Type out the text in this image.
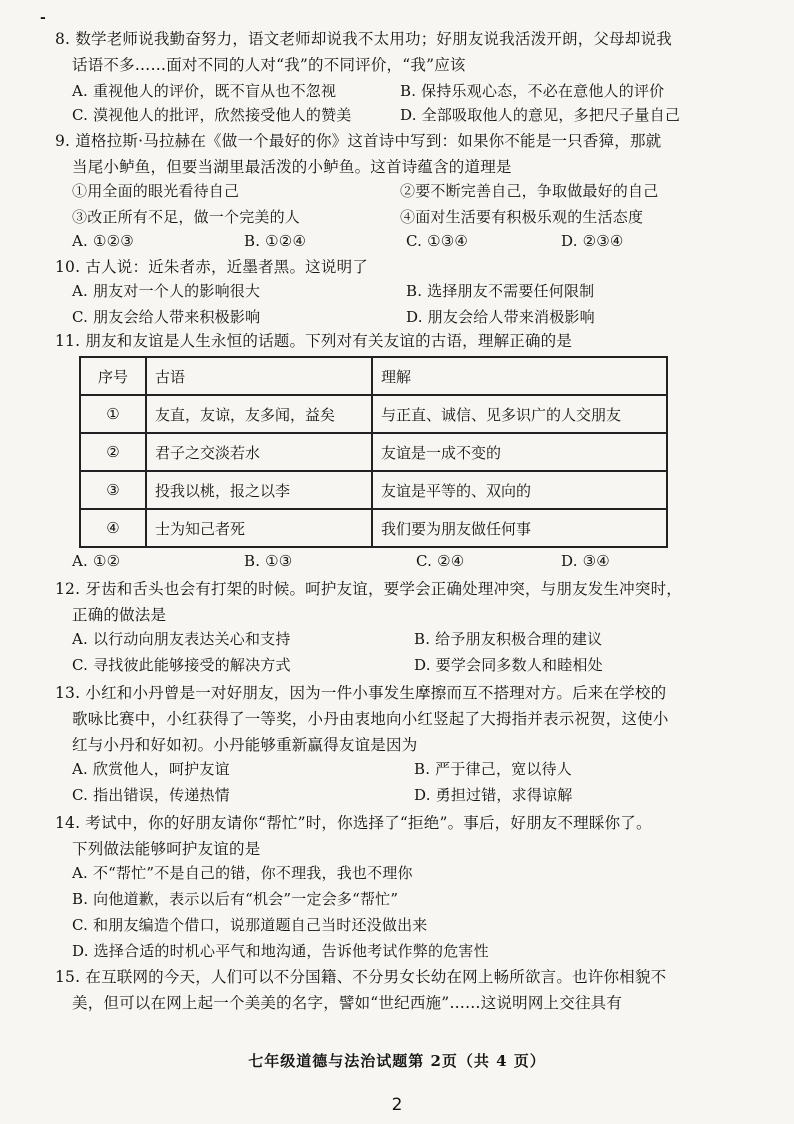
-
8. 数学老师说我勤奋努力，语文老师却说我不太用功；好朋友说我活泼开朗，父母却说我
话语不多……面对不同的人对“我”的不同评价，“我”应该
A. 重视他人的评价，既不盲从也不忽视	B. 保持乐观心态，不必在意他人的评价
C. 漠视他人的批评，欣然接受他人的赞美	D. 全部吸取他人的意见，多把尺子量自己
9. 道格拉斯·马拉赫在《做一个最好的你》这首诗中写到：如果你不能是一只香獐，那就
当尾小鲈鱼，但要当湖里最活泼的小鲈鱼。这首诗蕴含的道理是
①用全面的眼光看待自己	②要不断完善自己，争取做最好的自己
③改正所有不足，做一个完美的人	④面对生活要有积极乐观的生活态度
A. ①②③	B. ①②④	C. ①③④	D. ②③④
10. 古人说：近朱者赤，近墨者黑。这说明了
A. 朋友对一个人的影响很大	B. 选择朋友不需要任何限制
C. 朋友会给人带来积极影响	D. 朋友会给人带来消极影响
11. 朋友和友谊是人生永恒的话题。下列对有关友谊的古语，理解正确的是
序号	古语	理解
①	友直，友谅，友多闻，益矣	与正直、诚信、见多识广的人交朋友
②	君子之交淡若水	友谊是一成不变的
③	投我以桃，报之以李	友谊是平等的、双向的
④	士为知己者死	我们要为朋友做任何事
A. ①②	B. ①③	C. ②④	D. ③④
12. 牙齿和舌头也会有打架的时候。呵护友谊，要学会正确处理冲突，与朋友发生冲突时，
正确的做法是
A. 以行动向朋友表达关心和支持	B. 给予朋友积极合理的建议
C. 寻找彼此能够接受的解决方式	D. 要学会同多数人和睦相处
13. 小红和小丹曾是一对好朋友，因为一件小事发生摩擦而互不搭理对方。后来在学校的
歌咏比赛中，小红获得了一等奖，小丹由衷地向小红竖起了大拇指并表示祝贺，这使小
红与小丹和好如初。小丹能够重新赢得友谊是因为
A. 欣赏他人，呵护友谊	B. 严于律己，宽以待人
C. 指出错误，传递热情	D. 勇担过错，求得谅解
14. 考试中，你的好朋友请你“帮忙”时，你选择了“拒绝”。事后，好朋友不理睬你了。
下列做法能够呵护友谊的是
A. 不“帮忙”不是自己的错，你不理我，我也不理你
B. 向他道歉，表示以后有“机会”一定会多“帮忙”
C. 和朋友编造个借口，说那道题自己当时还没做出来
D. 选择合适的时机心平气和地沟通，告诉他考试作弊的危害性
15. 在互联网的今天，人们可以不分国籍、不分男女长幼在网上畅所欲言。也许你相貌不
美，但可以在网上起一个美美的名字，譬如“世纪西施”……这说明网上交往具有
七年级道德与法治试题第 2页（共 4 页）
2
